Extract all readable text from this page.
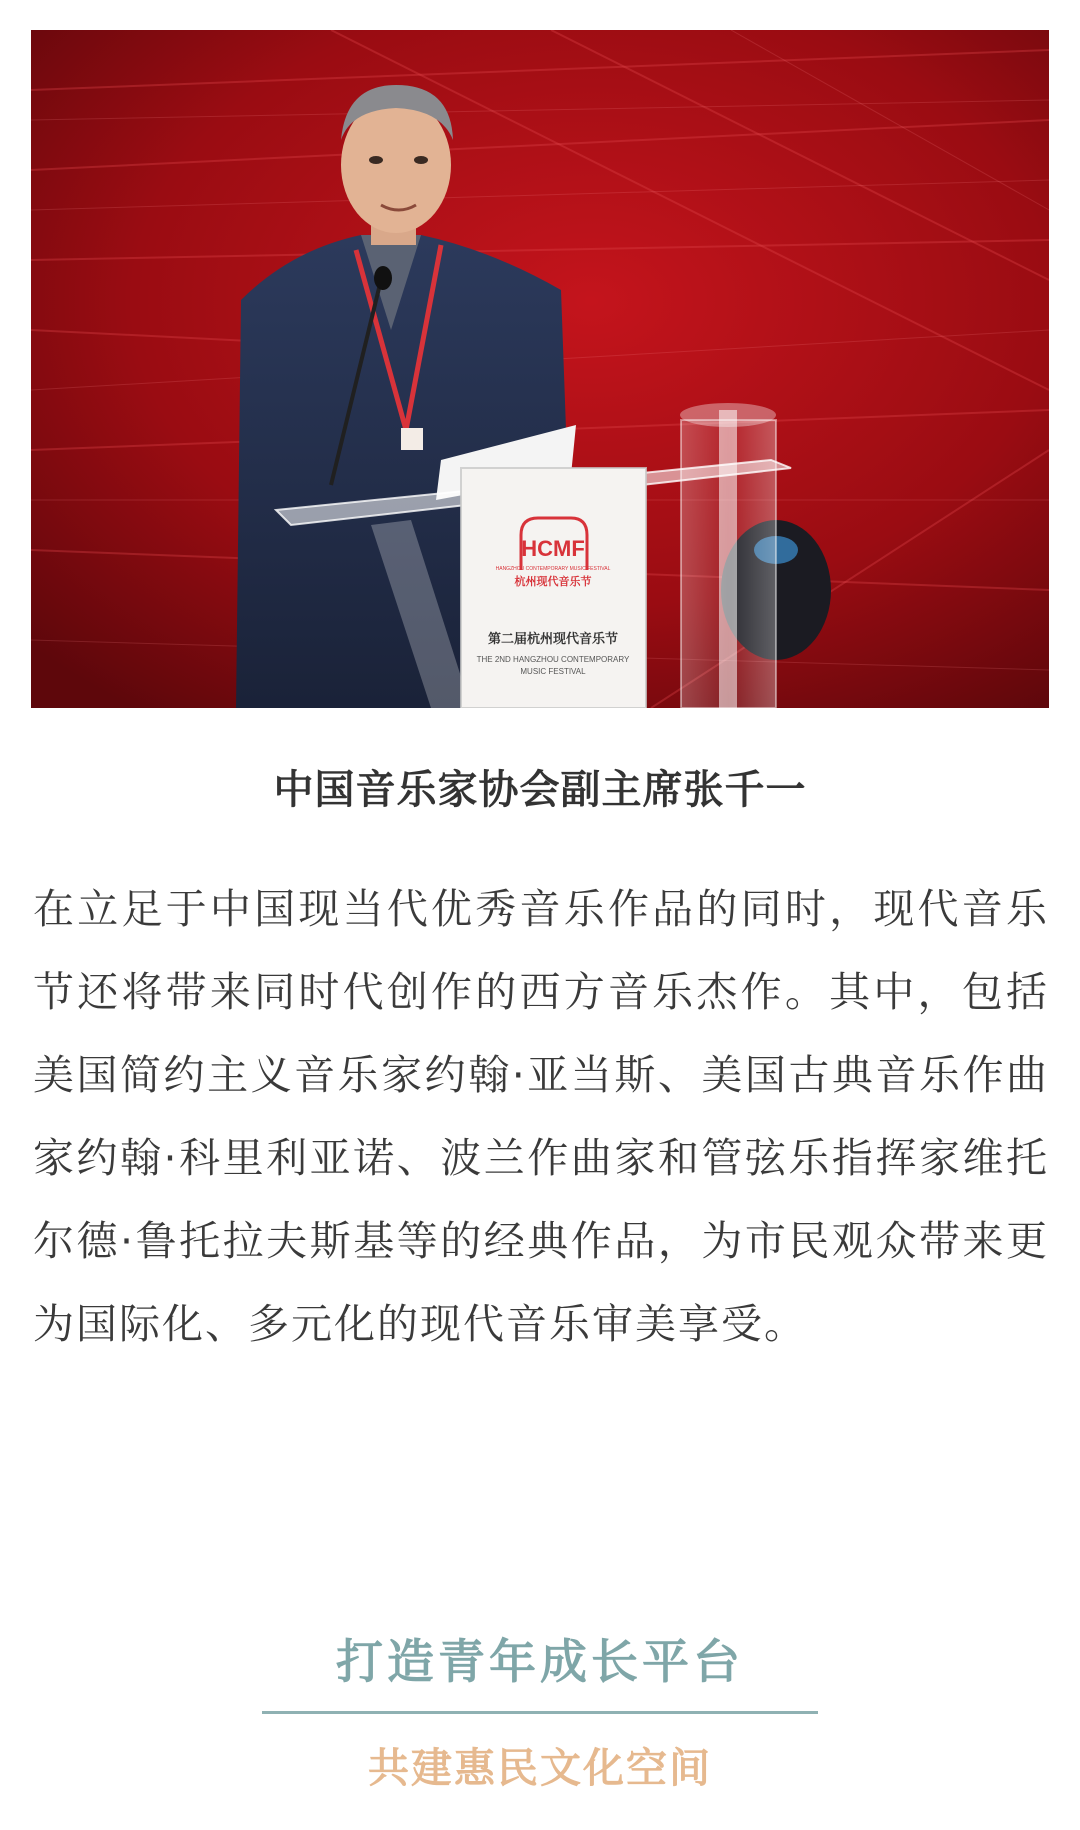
HCMF
HANGZHOU CONTEMPORARY MUSIC FESTIVAL
杭州现代音乐节
第二届杭州现代音乐节
THE 2ND HANGZHOU CONTEMPORARY
MUSIC FESTIVAL
中国音乐家协会副主席张千一
在立足于中国现当代优秀音乐作品的同时，现代音乐节还将带来同时代创作的西方音乐杰作。其中，包括美国简约主义音乐家约翰·亚当斯、美国古典音乐作曲家约翰·科里利亚诺、波兰作曲家和管弦乐指挥家维托尔德·鲁托拉夫斯基等的经典作品，为市民观众带来更为国际化、多元化的现代音乐审美享受。
打造青年成长平台
共建惠民文化空间
